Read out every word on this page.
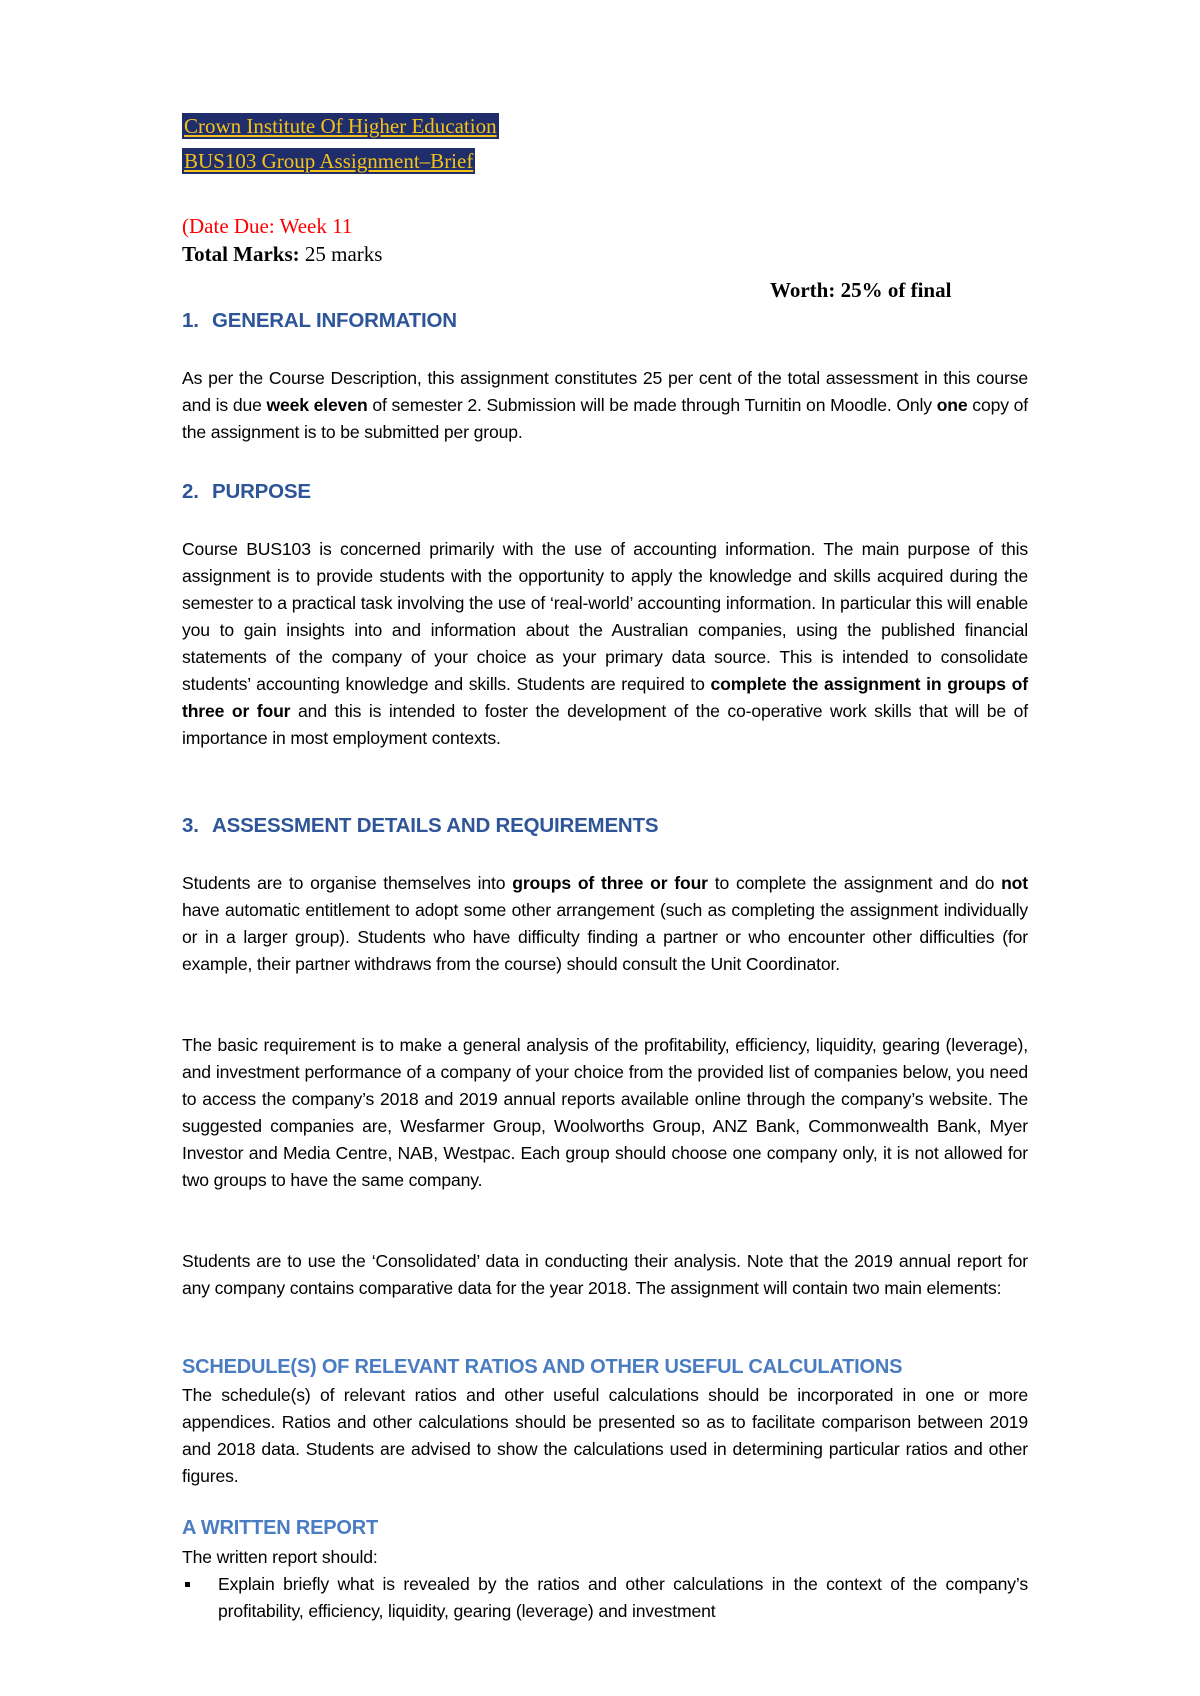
Crown Institute Of Higher Education
BUS103 Group Assignment–Brief
(Date Due: Week 11
Total Marks: 25 marks
Worth: 25% of final
1. GENERAL INFORMATION
As per the Course Description, this assignment constitutes 25 per cent of the total assessment in this course and is due week eleven of semester 2. Submission will be made through Turnitin on Moodle. Only one copy of the assignment is to be submitted per group.
2. PURPOSE
Course BUS103 is concerned primarily with the use of accounting information. The main purpose of this assignment is to provide students with the opportunity to apply the knowledge and skills acquired during the semester to a practical task involving the use of ‘real-world’ accounting information. In particular this will enable you to gain insights into and information about the Australian companies, using the published financial statements of the company of your choice as your primary data source. This is intended to consolidate students’ accounting knowledge and skills. Students are required to complete the assignment in groups of three or four and this is intended to foster the development of the co-operative work skills that will be of importance in most employment contexts.
3. ASSESSMENT DETAILS AND REQUIREMENTS
Students are to organise themselves into groups of three or four to complete the assignment and do not have automatic entitlement to adopt some other arrangement (such as completing the assignment individually or in a larger group). Students who have difficulty finding a partner or who encounter other difficulties (for example, their partner withdraws from the course) should consult the Unit Coordinator.
The basic requirement is to make a general analysis of the profitability, efficiency, liquidity, gearing (leverage), and investment performance of a company of your choice from the provided list of companies below, you need to access the company’s 2018 and 2019 annual reports available online through the company’s website. The suggested companies are, Wesfarmer Group, Woolworths Group, ANZ Bank, Commonwealth Bank, Myer Investor and Media Centre, NAB, Westpac. Each group should choose one company only, it is not allowed for two groups to have the same company.
Students are to use the ‘Consolidated’ data in conducting their analysis. Note that the 2019 annual report for any company contains comparative data for the year 2018. The assignment will contain two main elements:
SCHEDULE(S) OF RELEVANT RATIOS AND OTHER USEFUL CALCULATIONS
The schedule(s) of relevant ratios and other useful calculations should be incorporated in one or more appendices. Ratios and other calculations should be presented so as to facilitate comparison between 2019 and 2018 data. Students are advised to show the calculations used in determining particular ratios and other figures.
A WRITTEN REPORT
The written report should:
Explain briefly what is revealed by the ratios and other calculations in the context of the company’s profitability, efficiency, liquidity, gearing (leverage) and investment
